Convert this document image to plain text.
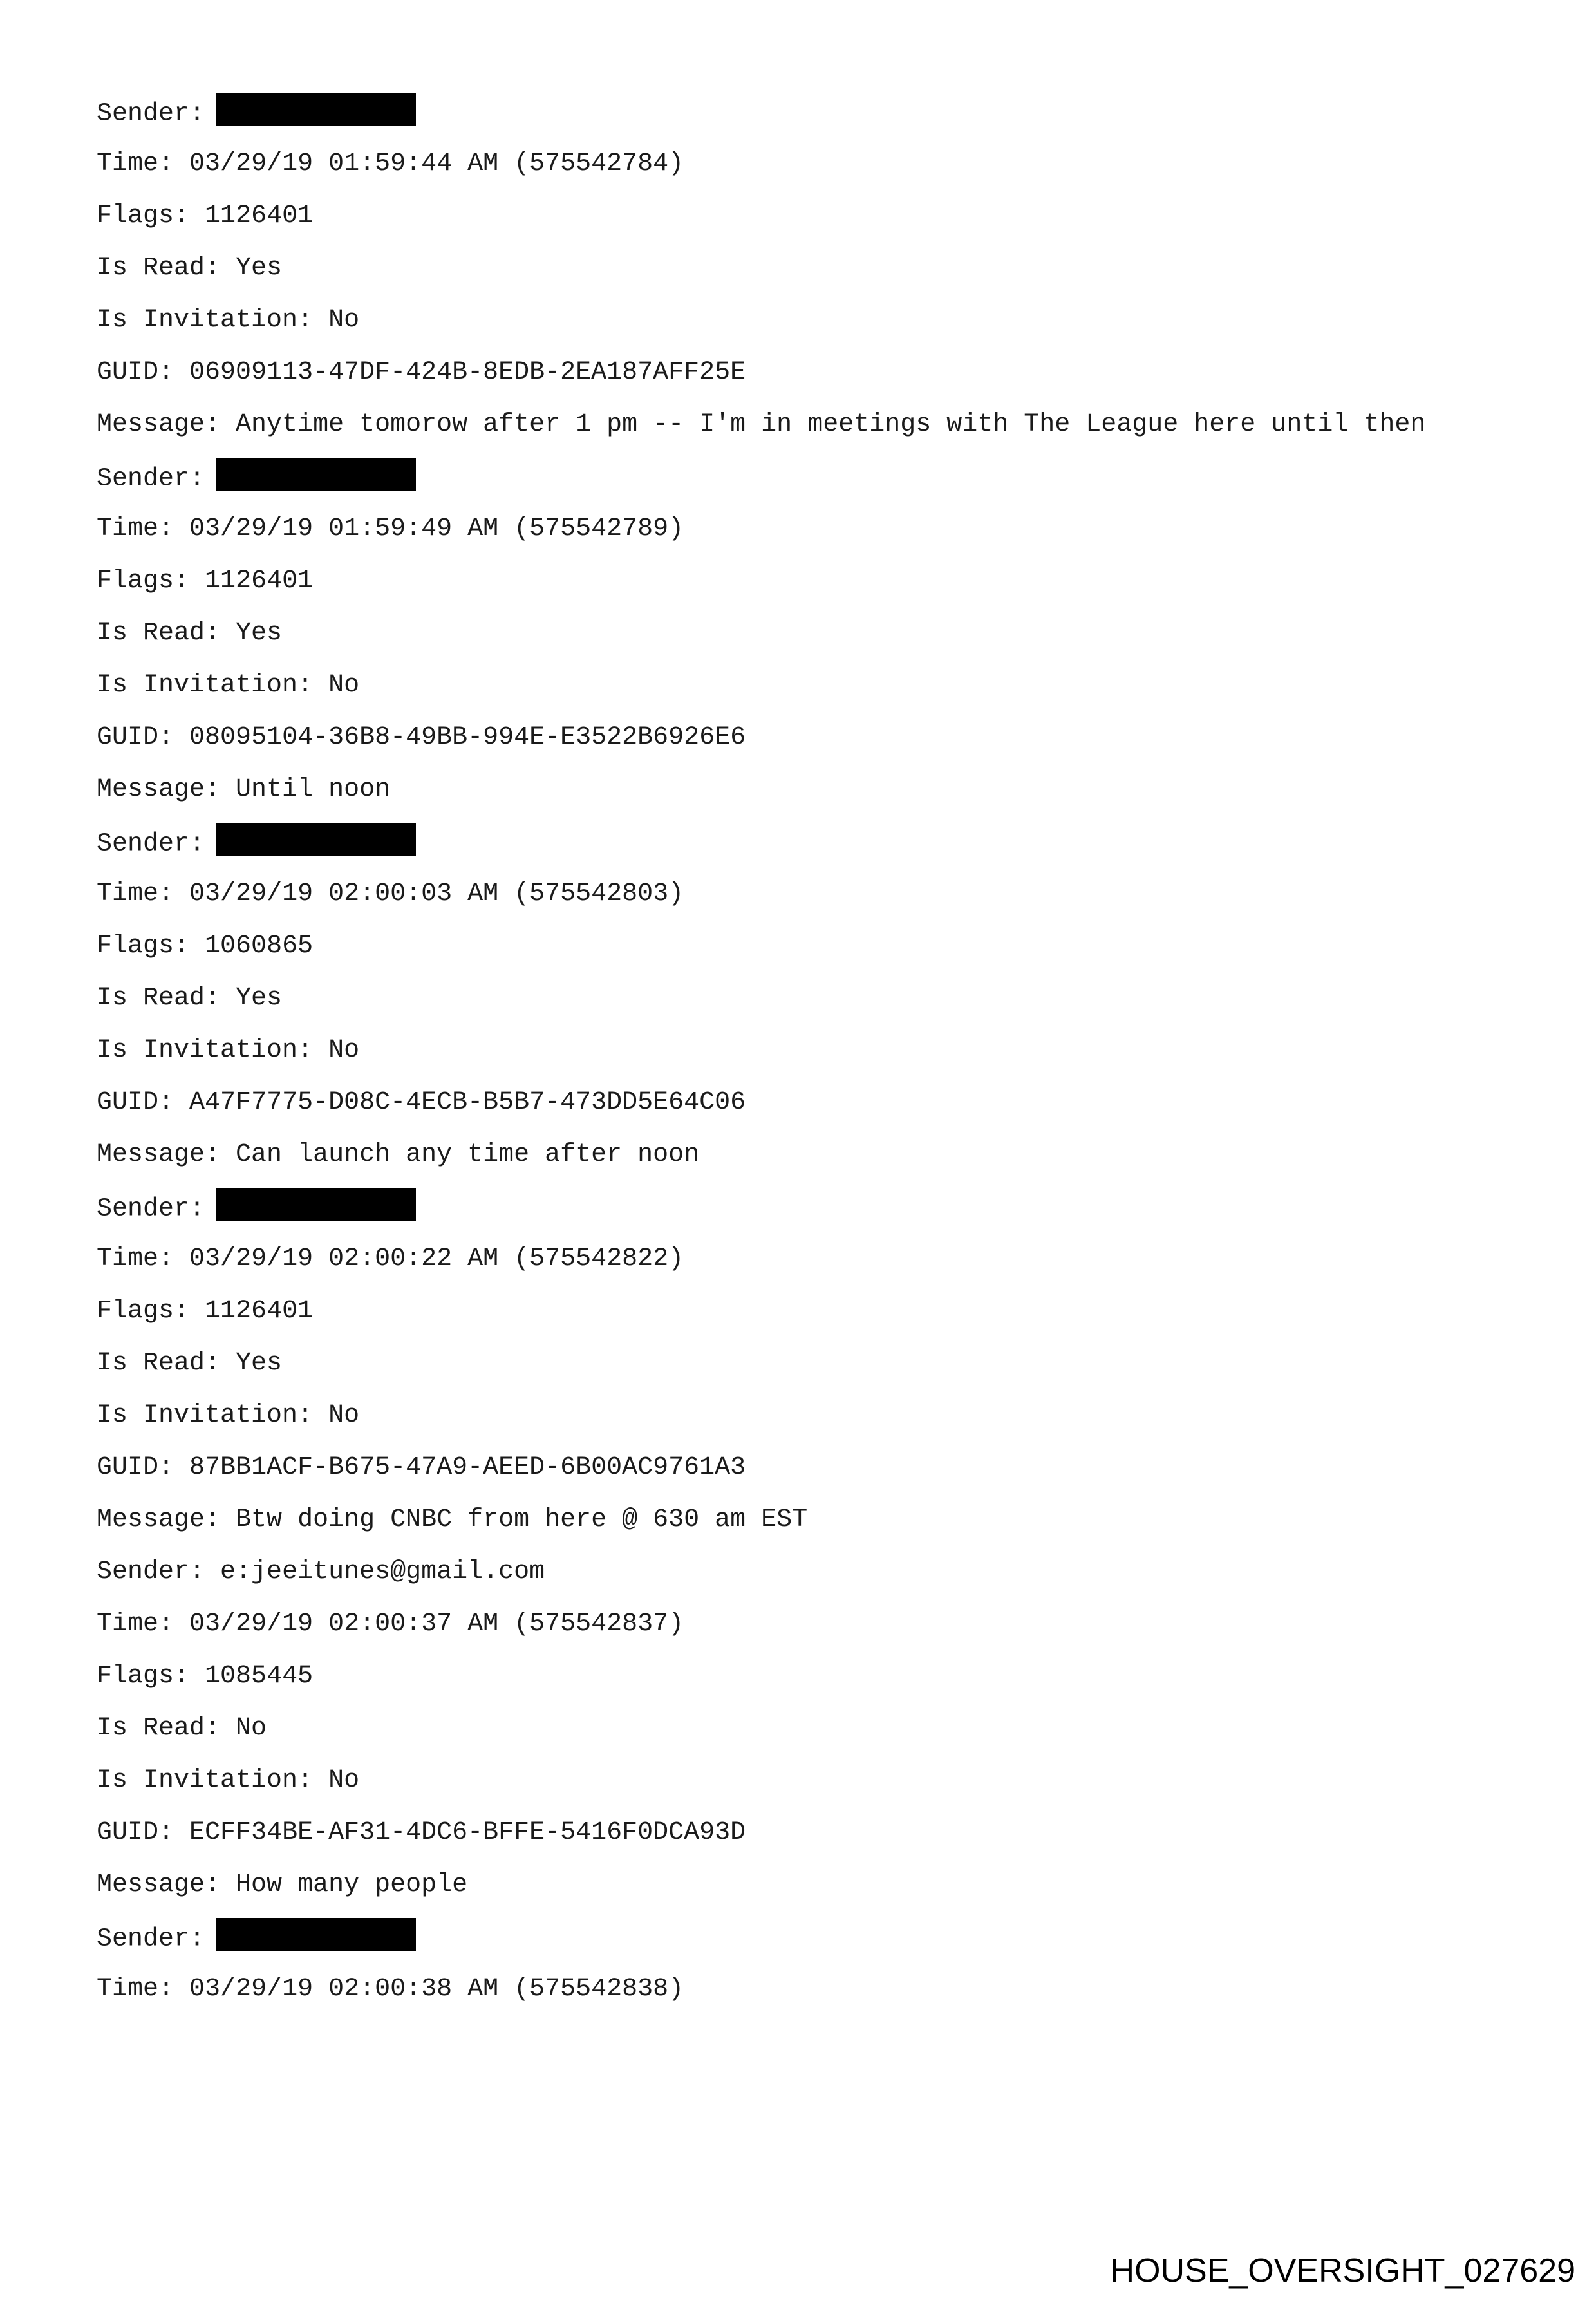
Sender:
Time: 03/29/19 01:59:44 AM (575542784)
Flags: 1126401
Is Read: Yes
Is Invitation: No
GUID: 06909113-47DF-424B-8EDB-2EA187AFF25E
Message: Anytime tomorow after 1 pm -- I'm in meetings with The League here until then
Sender:
Time: 03/29/19 01:59:49 AM (575542789)
Flags: 1126401
Is Read: Yes
Is Invitation: No
GUID: 08095104-36B8-49BB-994E-E3522B6926E6
Message: Until noon
Sender:
Time: 03/29/19 02:00:03 AM (575542803)
Flags: 1060865
Is Read: Yes
Is Invitation: No
GUID: A47F7775-D08C-4ECB-B5B7-473DD5E64C06
Message: Can launch any time after noon
Sender:
Time: 03/29/19 02:00:22 AM (575542822)
Flags: 1126401
Is Read: Yes
Is Invitation: No
GUID: 87BB1ACF-B675-47A9-AEED-6B00AC9761A3
Message: Btw doing CNBC from here @ 630 am EST
Sender: e:jeeitunes@gmail.com
Time: 03/29/19 02:00:37 AM (575542837)
Flags: 1085445
Is Read: No
Is Invitation: No
GUID: ECFF34BE-AF31-4DC6-BFFE-5416F0DCA93D
Message: How many people
Sender:
Time: 03/29/19 02:00:38 AM (575542838)
HOUSE_OVERSIGHT_027629
